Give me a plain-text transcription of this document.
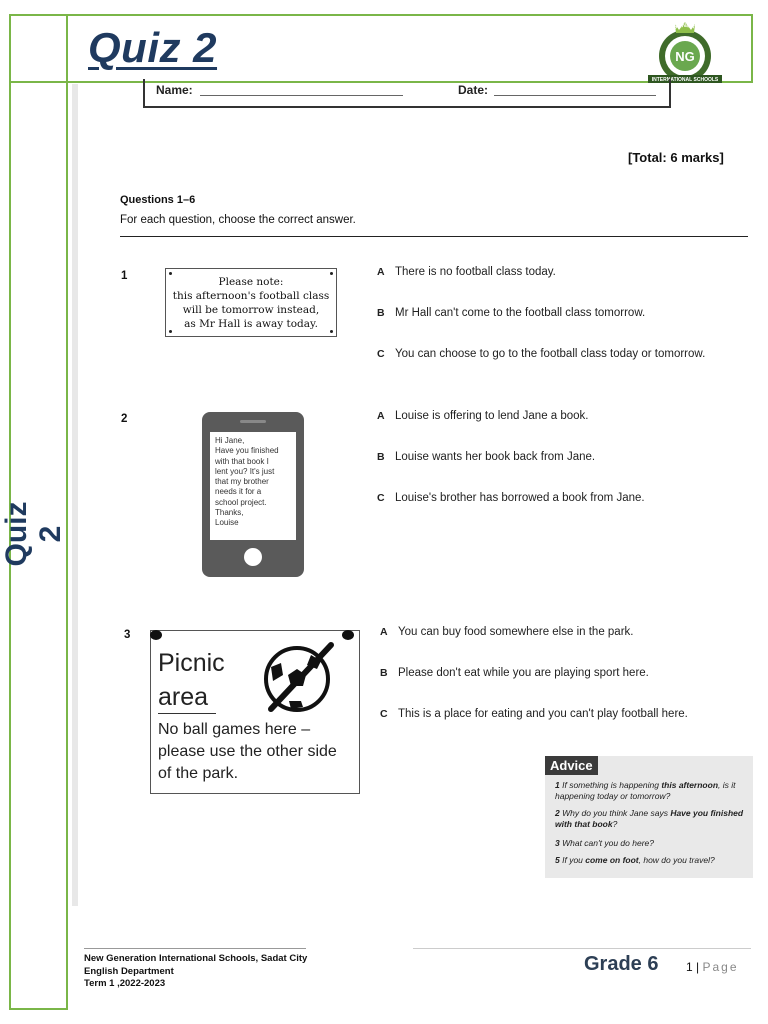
Quiz 2
Quiz 2
NEW GENERATION
NG
INTERNATIONAL SCHOOLS
Name:	Date:
[Total: 6 marks]
Questions 1–6
For each question, choose the correct answer.
1	Please note:
this afternoon's football class
will be tomorrow instead,
as Mr Hall is away today.
A There is no football class today.
B Mr Hall can't come to the football class tomorrow.
C You can choose to go to the football class today or tomorrow.
2
Hi Jane,
Have you finished
with that book I
lent you? It's just
that my brother
needs it for a
school project.
Thanks,
Louise
A Louise is offering to lend Jane a book.
B Louise wants her book back from Jane.
C Louise's brother has borrowed a book from Jane.
3
Picnic
area
No ball games here –
please use the other side
of the park.
A You can buy food somewhere else in the park.
B Please don't eat while you are playing sport here.
C This is a place for eating and you can't play football here.
Advice
1 If something is happening this afternoon, is it happening today or tomorrow?
2 Why do you think Jane says Have you finished with that book?
3 What can't you do here?
5 If you come on foot, how do you travel?
New Generation International Schools, Sadat City
English Department
Term 1 ,2022-2023
Grade 6 1 | Page
